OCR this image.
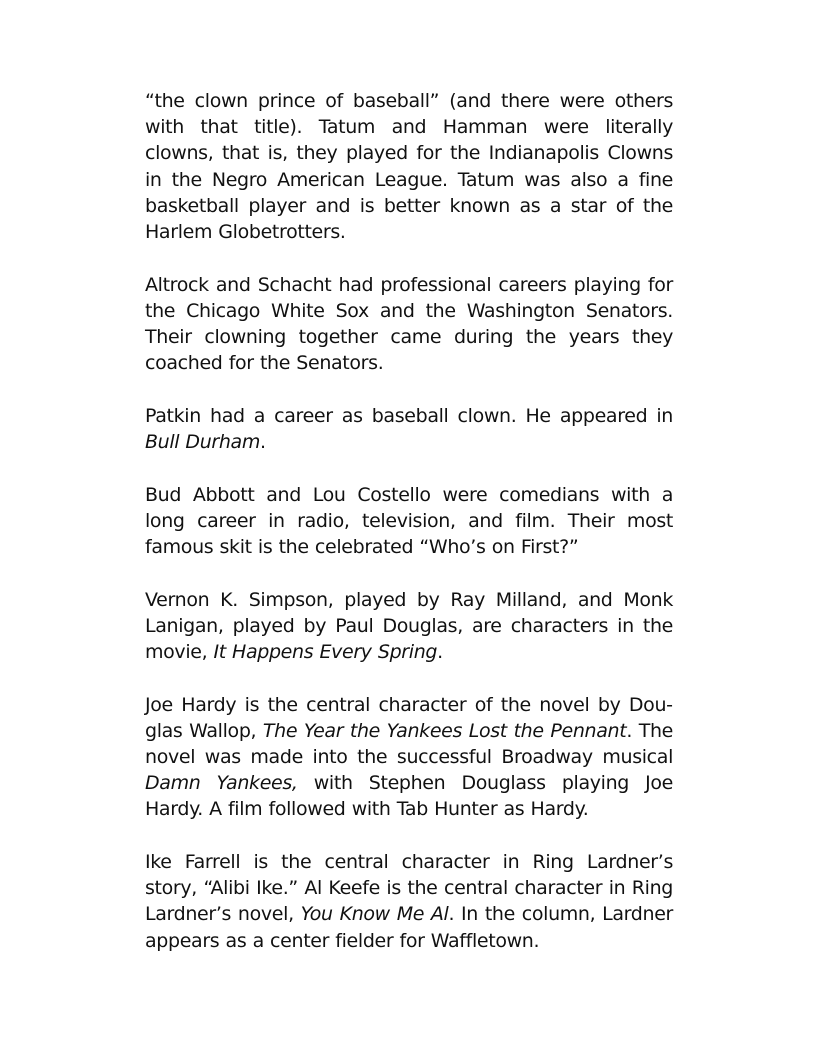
“the clown prince of baseball” (and there were others with that title). Tatum and Hamman were literally clowns, that is, they played for the Indianapolis Clowns in the Negro American League. Tatum was also a fine basketball player and is better known as a star of the Harlem Globetrotters.

Altrock and Schacht had professional careers playing for the Chicago White Sox and the Washington Senators. Their clowning together came during the years they coached for the Senators.

Patkin had a career as baseball clown. He appeared in Bull Durham.

Bud Abbott and Lou Costello were comedians with a long career in radio, television, and film. Their most famous skit is the celebrated “Who’s on First?”

Vernon K. Simpson, played by Ray Milland, and Monk Lanigan, played by Paul Douglas, are characters in the movie, It Happens Every Spring.

Joe Hardy is the central character of the novel by Douglas Wallop, The Year the Yankees Lost the Pennant. The novel was made into the successful Broadway musical Damn Yankees, with Stephen Douglass playing Joe Hardy. A film followed with Tab Hunter as Hardy.

Ike Farrell is the central character in Ring Lardner’s story, “Alibi Ike.” Al Keefe is the central character in Ring Lardner’s novel, You Know Me Al. In the column, Lardner appears as a center fielder for Waffletown.
